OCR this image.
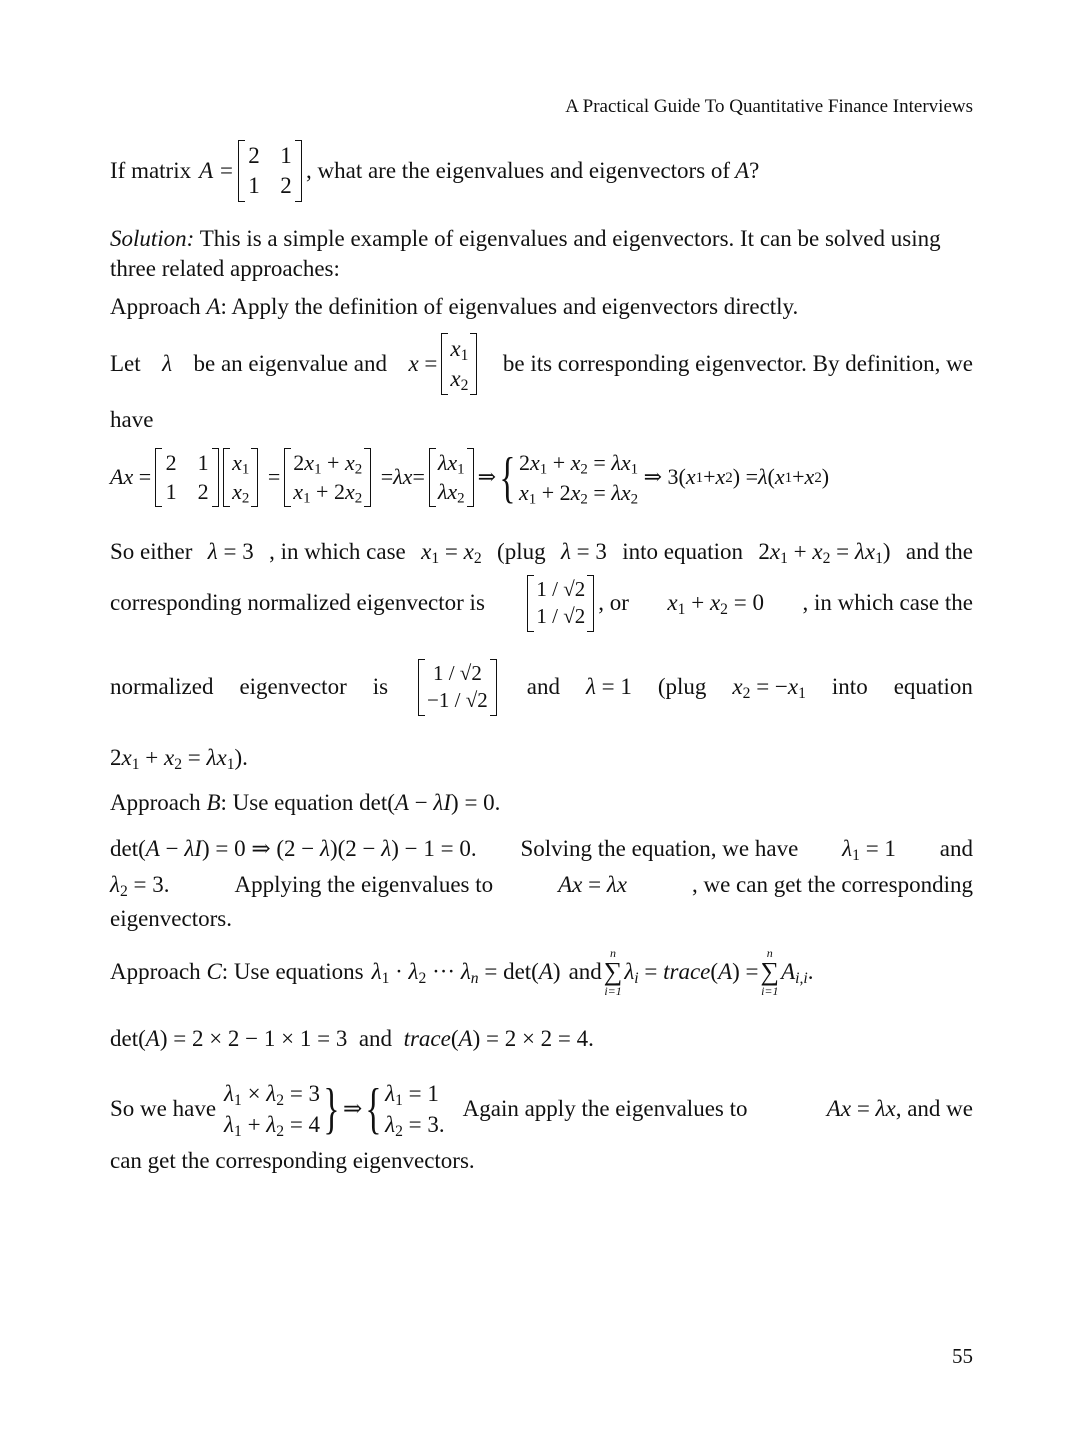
A Practical Guide To Quantitative Finance Interviews
If matrix A =
2 1
1 2
, what are the eigenvalues and eigenvectors of A ?
Solution: This is a simple example of eigenvalues and eigenvectors. It can be solved using three related approaches:
Approach A: Apply the definition of eigenvalues and eigenvectors directly.
Let λ be an eigenvalue and x =
$x_1$
$x_2$
be its corresponding eigenvector. By definition, we
have
Ax =
2 1
1 2
$x_1$
$x_2$
=
$2x_1 + x_2$
$x_1 + 2x_2$
= λx =
$\lambda x_1$
$\lambda x_2$
⇒ { $2x_1 + x_2 = \lambda x_1$
$x_1 + 2x_2 = \lambda x_2$
⇒ 3( x 1 + x 2 ) = λ ( x 1 + x 2 )
So either λ = 3 , in which case $x_1 = x_2$ (plug λ = 3 into equation $2x_1 + x_2 = \lambda x_1$) and the
corresponding normalized eigenvector is
1 / √2
1 / √2
, or $x_1 + x_2 = 0$ , in which case the
normalized eigenvector is
1 / √2
−1 / √2
and λ = 1 (plug $x_2 = -x_1$ into equation
$2x_1 + x_2 = \lambda x_1$).
Approach B: Use equation det(A − λI) = 0.
det(A − λI) = 0 ⇒ (2 − λ)(2 − λ) − 1 = 0. Solving the equation, we have $\lambda_1 = 1$ and
$\lambda_2 = 3$.	Applying the eigenvalues to	Ax = λx	, we can get the corresponding
eigenvectors.
Approach
C : Use equations $\lambda_1 \cdot \lambda_2$ ··· $\lambda_n = \det(A)$ and
n
∑
i=1
$\lambda_i$ = trace(A) =
n
∑
i=1
$A_{i,i}$.
det(A) = 2 × 2 − 1 × 1 = 3  and trace(A) = 2 × 2 = 4.
So we have
$\lambda_1 \times \lambda_2 = 3$
$\lambda_1 + \lambda_2 = 4$ } ⇒ { $\lambda_1 = 1$
$\lambda_2 = 3$.
Again apply the eigenvalues to	Ax = λx, and we
can get the corresponding eigenvectors.
55
